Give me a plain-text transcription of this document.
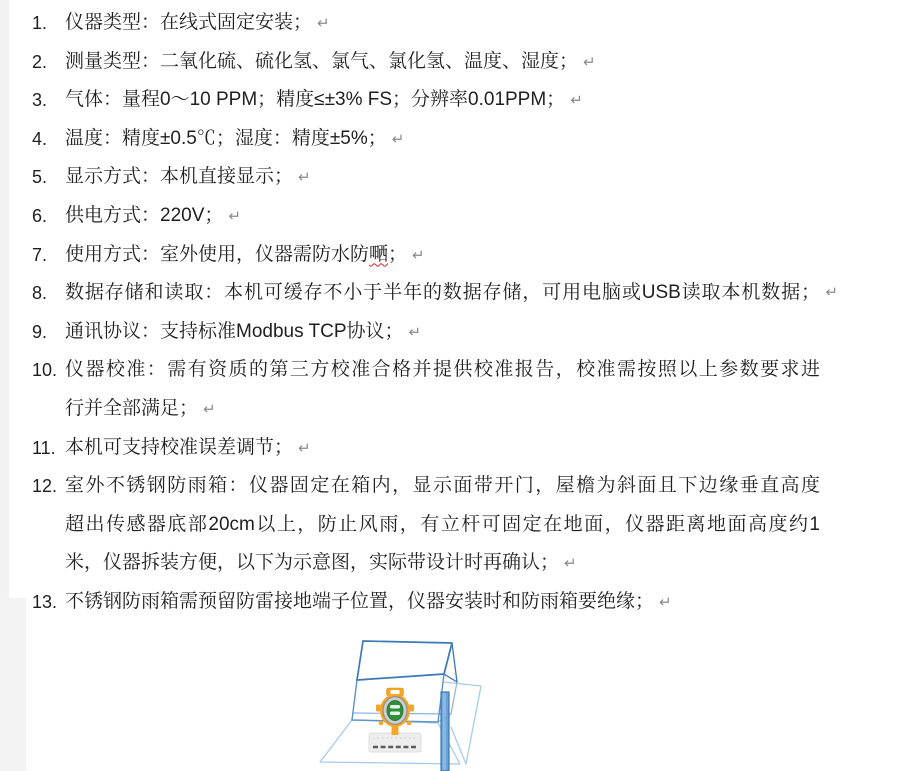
1. 仪器类型：在线式固定安装； ↵
2. 测量类型：二氧化硫、硫化氢、氯气、氯化氢、温度、湿度； ↵
3. 气体：量程0～10 PPM；精度≤±3% FS；分辨率0.01PPM； ↵
4. 温度：精度±0.5℃；湿度：精度±5%； ↵
5. 显示方式：本机直接显示； ↵
6. 供电方式：220V； ↵
7. 使用方式：室外使用，仪器需防水防嗮； ↵
8. 数据存储和读取：本机可缓存不小于半年的数据存储，可用电脑或USB读取本机数据； ↵
9. 通讯协议：支持标准Modbus TCP协议； ↵
10. 仪器校准：需有资质的第三方校准合格并提供校准报告，校准需按照以上参数要求进
行并全部满足； ↵
11. 本机可支持校准误差调节； ↵
12. 室外不锈钢防雨箱：仪器固定在箱内，显示面带开门，屋檐为斜面且下边缘垂直高度
超出传感器底部20cm以上，防止风雨，有立杆可固定在地面，仪器距离地面高度约1
米，仪器拆装方便，以下为示意图，实际带设计时再确认； ↵
13. 不锈钢防雨箱需预留防雷接地端子位置，仪器安装时和防雨箱要绝缘； ↵
